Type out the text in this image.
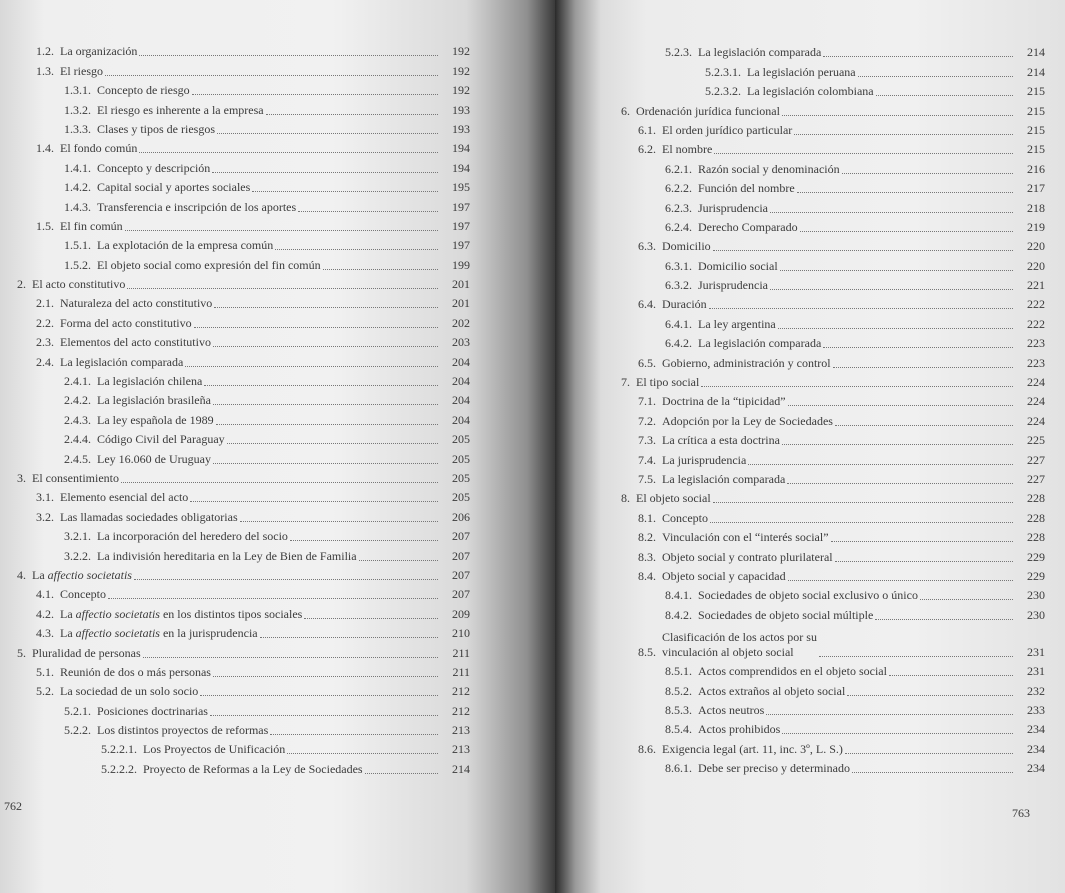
1.2. La organización	192
1.3. El riesgo	192
1.3.1. Concepto de riesgo	192
1.3.2. El riesgo es inherente a la empresa	193
1.3.3. Clases y tipos de riesgos	193
1.4. El fondo común	194
1.4.1. Concepto y descripción	194
1.4.2. Capital social y aportes sociales	195
1.4.3. Transferencia e inscripción de los aportes	197
1.5. El fin común	197
1.5.1. La explotación de la empresa común	197
1.5.2. El objeto social como expresión del fin común	199
2. El acto constitutivo	201
2.1. Naturaleza del acto constitutivo	201
2.2. Forma del acto constitutivo	202
2.3. Elementos del acto constitutivo	203
2.4. La legislación comparada	204
2.4.1. La legislación chilena	204
2.4.2. La legislación brasileña	204
2.4.3. La ley española de 1989	204
2.4.4. Código Civil del Paraguay	205
2.4.5. Ley 16.060 de Uruguay	205
3. El consentimiento	205
3.1. Elemento esencial del acto	205
3.2. Las llamadas sociedades obligatorias	206
3.2.1. La incorporación del heredero del socio	207
3.2.2. La indivisión hereditaria en la Ley de Bien de Familia	207
4. La affectio societatis	207
4.1. Concepto	207
4.2. La affectio societatis en los distintos tipos sociales	209
4.3. La affectio societatis en la jurisprudencia	210
5. Pluralidad de personas	211
5.1. Reunión de dos o más personas	211
5.2. La sociedad de un solo socio	212
5.2.1. Posiciones doctrinarias	212
5.2.2. Los distintos proyectos de reformas	213
5.2.2.1. Los Proyectos de Unificación	213
5.2.2.2. Proyecto de Reformas a la Ley de Sociedades	214
762
5.2.3. La legislación comparada	214
5.2.3.1. La legislación peruana	214
5.2.3.2. La legislación colombiana	215
6. Ordenación jurídica funcional	215
6.1. El orden jurídico particular	215
6.2. El nombre	215
6.2.1. Razón social y denominación	216
6.2.2. Función del nombre	217
6.2.3. Jurisprudencia	218
6.2.4. Derecho Comparado	219
6.3. Domicilio	220
6.3.1. Domicilio social	220
6.3.2. Jurisprudencia	221
6.4. Duración	222
6.4.1. La ley argentina	222
6.4.2. La legislación comparada	223
6.5. Gobierno, administración y control	223
7. El tipo social	224
7.1. Doctrina de la “tipicidad”	224
7.2. Adopción por la Ley de Sociedades	224
7.3. La crítica a esta doctrina	225
7.4. La jurisprudencia	227
7.5. La legislación comparada	227
8. El objeto social	228
8.1. Concepto	228
8.2. Vinculación con el “interés social”	228
8.3. Objeto social y contrato plurilateral	229
8.4. Objeto social y capacidad	229
8.4.1. Sociedades de objeto social exclusivo o único	230
8.4.2. Sociedades de objeto social múltiple	230
8.5.
Clasificación de los actos por su
vinculación al objeto social	231
8.5.1. Actos comprendidos en el objeto social	231
8.5.2. Actos extraños al objeto social	232
8.5.3. Actos neutros	233
8.5.4. Actos prohibidos	234
8.6. Exigencia legal (art. 11, inc. 3º, L. S.)	234
8.6.1. Debe ser preciso y determinado	234
763
